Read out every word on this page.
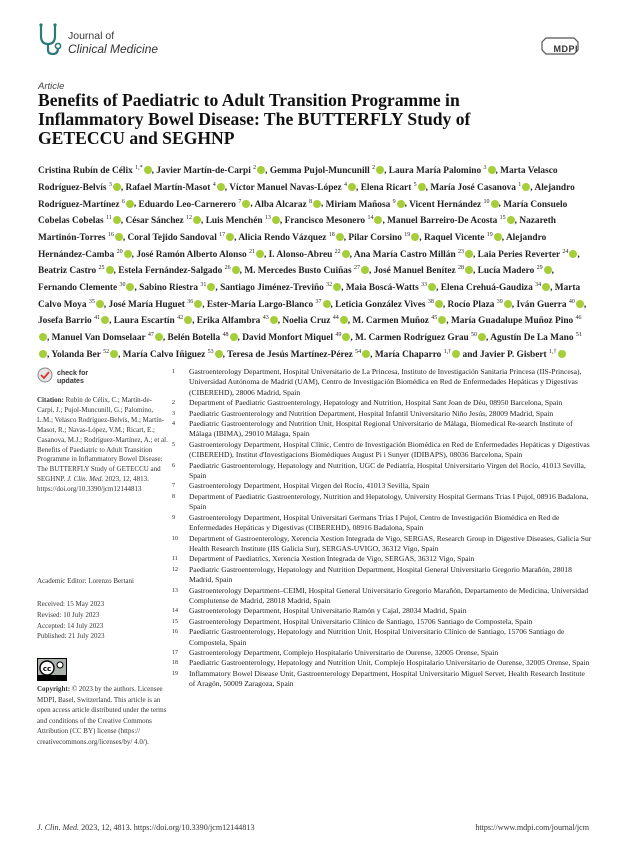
Journal of
Clinical Medicine	MDPI
Article
Benefits of Paediatric to Adult Transition Programme in Inflammatory Bowel Disease: The BUTTERFLY Study of GETECCU and SEGHNP
Cristina Rubín de Célix $^{1,*}$ , Javier Martín-de-Carpi $^2$ , Gemma Pujol-Muncunill $^2$ , Laura María Palomino $^3$ , Marta Velasco Rodríguez-Belvís $^3$ , Rafael Martín-Masot $^4$ , Víctor Manuel Navas-López $^4$ , Elena Ricart $^5$ , María José Casanova $^1$ , Alejandro Rodríguez-Martínez $^6$ , Eduardo Leo-Carnerero $^7$ , Alba Alcaraz $^8$ , Miriam Mañosa $^9$ , Vicent Hernández $^{10}$ , María Consuelo Cobelas Cobelas $^{11}$ , César Sánchez $^{12}$ , Luis Menchén $^{13}$ , Francisco Mesonero $^{14}$ , Manuel Barreiro-De Acosta $^{15}$ , Nazareth Martinón-Torres $^{16}$ , Coral Tejido Sandoval $^{17}$ , Alicia Rendo Vázquez $^{18}$ , Pilar Corsino $^{19}$ , Raquel Vicente $^{19}$ , Alejandro Hernández-Camba $^{20}$ , José Ramón Alberto Alonso $^{21}$ , I. Alonso-Abreu $^{22}$ , Ana María Castro Millán $^{23}$ , Laia Peries Reverter $^{24}$ , Beatriz Castro $^{25}$ , Estela Fernández-Salgado $^{26}$ , M. Mercedes Busto Cuiñas $^{27}$ , José Manuel Benítez $^{28}$ , Lucía Madero $^{29}$ , Fernando Clemente $^{30}$ , Sabino Riestra $^{31}$ , Santiago Jiménez-Treviño $^{32}$ , Maia Boscá-Watts $^{33}$ , Elena Crehuá-Gaudiza $^{34}$ , Marta Calvo Moya $^{35}$ , José María Huguet $^{36}$ , Ester-María Largo-Blanco $^{37}$ , Leticia González Vives $^{38}$ , Rocío Plaza $^{39}$ , Iván Guerra $^{40}$ , Josefa Barrio $^{41}$ , Laura Escartín $^{42}$ , Erika Alfambra $^{43}$ , Noelia Cruz $^{44}$ , M. Carmen Muñoz $^{45}$ , María Guadalupe Muñoz Pino $^{46}$, Manuel Van Domselaar $^{47}$ , Belén Botella $^{48}$ , David Monfort Miquel $^{49}$ , M. Carmen Rodríguez Grau $^{50}$ , Agustín De La Mano $^{51}$, Yolanda Ber $^{52}$ , María Calvo Iñiguez $^{53}$ , Teresa de Jesús Martínez-Pérez $^{54}$ , María Chaparro $^{1,\dagger}$ and Javier P. Gisbert $^{1,\dagger}$
check for updates
Citation: Rubín de Célix, C.; Martín-de-Carpi, J.; Pujol-Muncunill, G.; Palomino, L.M.; Velasco Rodríguez-Belvís, M.; Martín-Masot, R.; Navas-López, V.M.; Ricart, E.; Casanova, M.J.; Rodríguez-Martínez, A.; et al. Benefits of Paediatric to Adult Transition Programme in Inflammatory Bowel Disease: The BUTTERFLY Study of GETECCU and SEGHNP. J. Clin. Med. 2023, 12, 4813. https://doi.org/10.3390/jcm12144813
Academic Editor: Lorenzo Bertani
Received: 15 May 2023
Revised: 10 July 2023
Accepted: 14 July 2023
Published: 21 July 2023
cc
Copyright: © 2023 by the authors. Licensee MDPI, Basel, Switzerland. This article is an open access article distributed under the terms and conditions of the Creative Commons Attribution (CC BY) license (https:// creativecommons.org/licenses/by/ 4.0/).
1	Gastroenterology Department, Hospital Universitario de La Princesa, Instituto de Investigación Sanitaria Princesa (IIS-Princesa), Universidad Autónoma de Madrid (UAM), Centro de Investigación Biomédica en Red de Enfermedades Hepáticas y Digestivas (CIBEREHD), 28006 Madrid, Spain
2	Department of Paediatric Gastroenterology, Hepatology and Nutrition, Hospital Sant Joan de Déu, 08950 Barcelona, Spain
3	Paediatric Gastroenterology and Nutrition Department, Hospital Infantil Universitario Niño Jesús, 28009 Madrid, Spain
4	Paediatric Gastroenterology and Nutrition Unit, Hospital Regional Universitario de Málaga, Biomedical Re-search Institute of Málaga (IBIMA), 29010 Málaga, Spain
5	Gastroenterology Department, Hospital Clínic, Centro de Investigación Biomédica en Red de Enfermedades Hepáticas y Digestivas (CIBEREHD), Institut d'Investigacions Biomèdiques August Pi i Sunyer (IDIBAPS), 08036 Barcelona, Spain
6	Paediatric Gastroenterology, Hepatology and Nutrition, UGC de Pediatría, Hospital Universitario Virgen del Rocío, 41013 Sevilla, Spain
7	Gastroenterology Department, Hospital Virgen del Rocío, 41013 Sevilla, Spain
8	Department of Paediatric Gastroenterology, Nutrition and Hepatology, University Hospital Germans Trias I Pujol, 08916 Badalona, Spain
9	Gastroenterology Department, Hospital Universitari Germans Trias I Pujol, Centro de Investigación Biomédica en Red de Enfermedades Hepáticas y Digestivas (CIBEREHD), 08916 Badalona, Spain
10	Department of Gastroenterology, Xerencia Xestion Integrada de Vigo, SERGAS, Research Group in Digestive Diseases, Galicia Sur Health Research Institute (IIS Galicia Sur), SERGAS-UVIGO, 36312 Vigo, Spain
11	Department of Paediatrics, Xerencia Xestion Integrada de Vigo, SERGAS, 36312 Vigo, Spain
12	Paediatric Gastroenterology, Hepatology and Nutrition Department, Hospital General Universitario Gregorio Marañón, 28018 Madrid, Spain
13	Gastroenterology Department–CEIMI, Hospital General Universitario Gregorio Marañón, Departamento de Medicina, Universidad Complutense de Madrid, 28018 Madrid, Spain
14	Gastroenterology Department, Hospital Universitario Ramón y Cajal, 28034 Madrid, Spain
15	Gastroenterology Department, Hospital Universitario Clínico de Santiago, 15706 Santiago de Compostela, Spain
16	Paediatric Gastroenterology, Hepatology and Nutrition Unit, Hospital Universitario Clínico de Santiago, 15706 Santiago de Compostela, Spain
17	Gastroenterology Department, Complejo Hospitalario Universitario de Ourense, 32005 Orense, Spain
18	Paediatric Gastroenterology, Hepatology and Nutrition Unit, Complejo Hospitalario Universitario de Ourense, 32005 Orense, Spain
19	Inflammatory Bowel Disease Unit, Gastroenterology Department, Hospital Universitario Miguel Servet, Health Research Institute of Aragón, 50009 Zaragoza, Spain
J. Clin. Med. 2023, 12, 4813. https://doi.org/10.3390/jcm12144813	https://www.mdpi.com/journal/jcm
